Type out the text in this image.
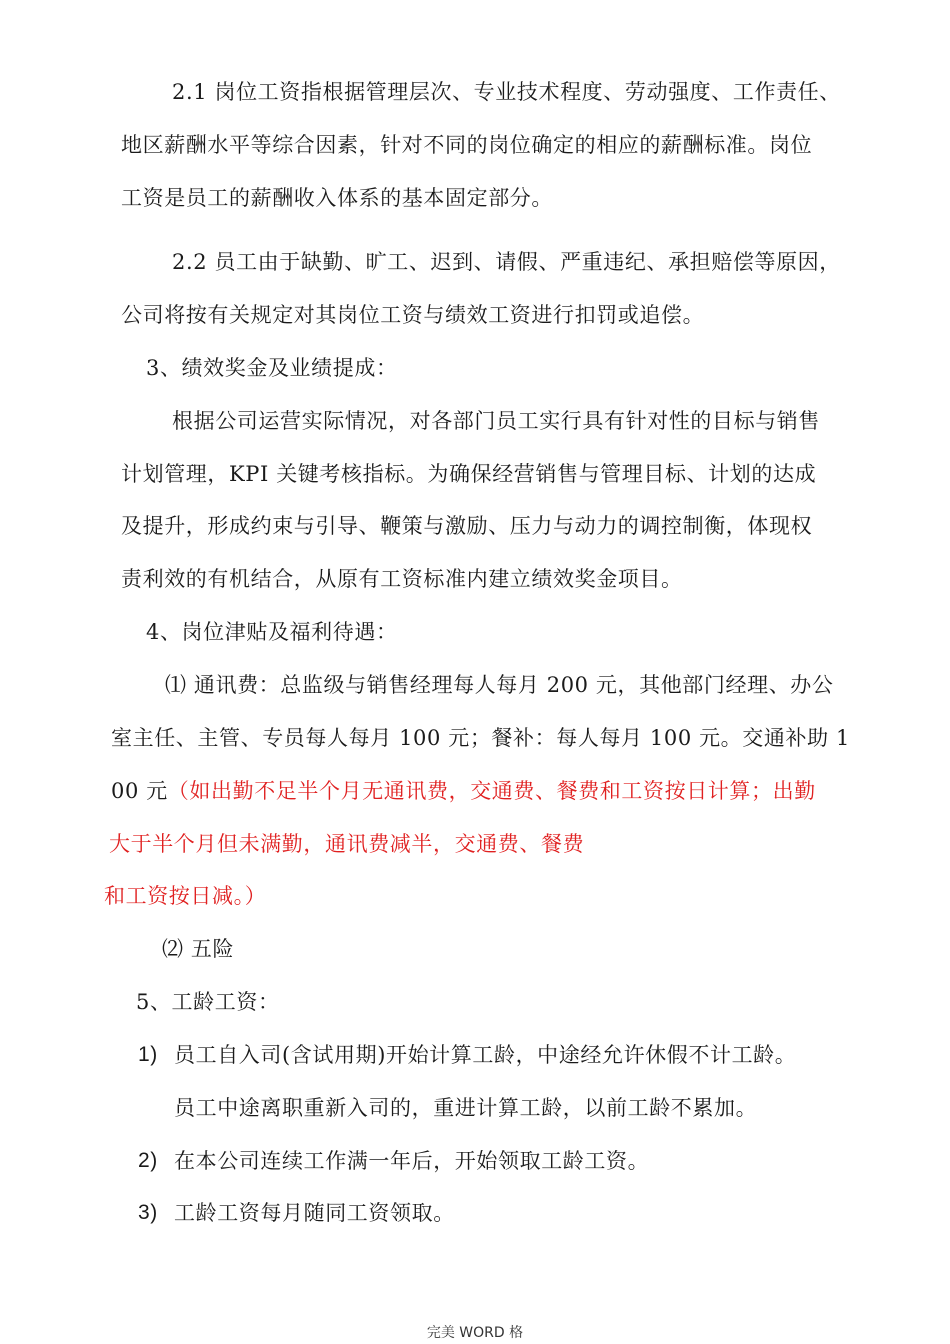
2.1 岗位工资指根据管理层次、专业技术程度、劳动强度、工作责任、
地区薪酬水平等综合因素，针对不同的岗位确定的相应的薪酬标准。岗位
工资是员工的薪酬收入体系的基本固定部分。
2.2 员工由于缺勤、旷工、迟到、请假、严重违纪、承担赔偿等原因，
公司将按有关规定对其岗位工资与绩效工资进行扣罚或追偿。
3、绩效奖金及业绩提成：
根据公司运营实际情况，对各部门员工实行具有针对性的目标与销售
计划管理，KPI 关键考核指标。为确保经营销售与管理目标、计划的达成
及提升，形成约束与引导、鞭策与激励、压力与动力的调控制衡，体现权
责利效的有机结合，从原有工资标准内建立绩效奖金项目。
4、岗位津贴及福利待遇：
⑴ 通讯费：总监级与销售经理每人每月 200 元，其他部门经理、办公
室主任、主管、专员每人每月 100 元；餐补：每人每月 100 元。交通补助 1
00 元（如出勤不足半个月无通讯费，交通费、餐费和工资按日计算；出勤
大于半个月但未满勤，通讯费减半，交通费、餐费
和工资按日减。）
⑵ 五险
5、工龄工资：
1) 员工自入司(含试用期)开始计算工龄，中途经允许休假不计工龄。
员工中途离职重新入司的，重进计算工龄，以前工龄不累加。
2) 在本公司连续工作满一年后，开始领取工龄工资。
3) 工龄工资每月随同工资领取。
完美 WORD 格
